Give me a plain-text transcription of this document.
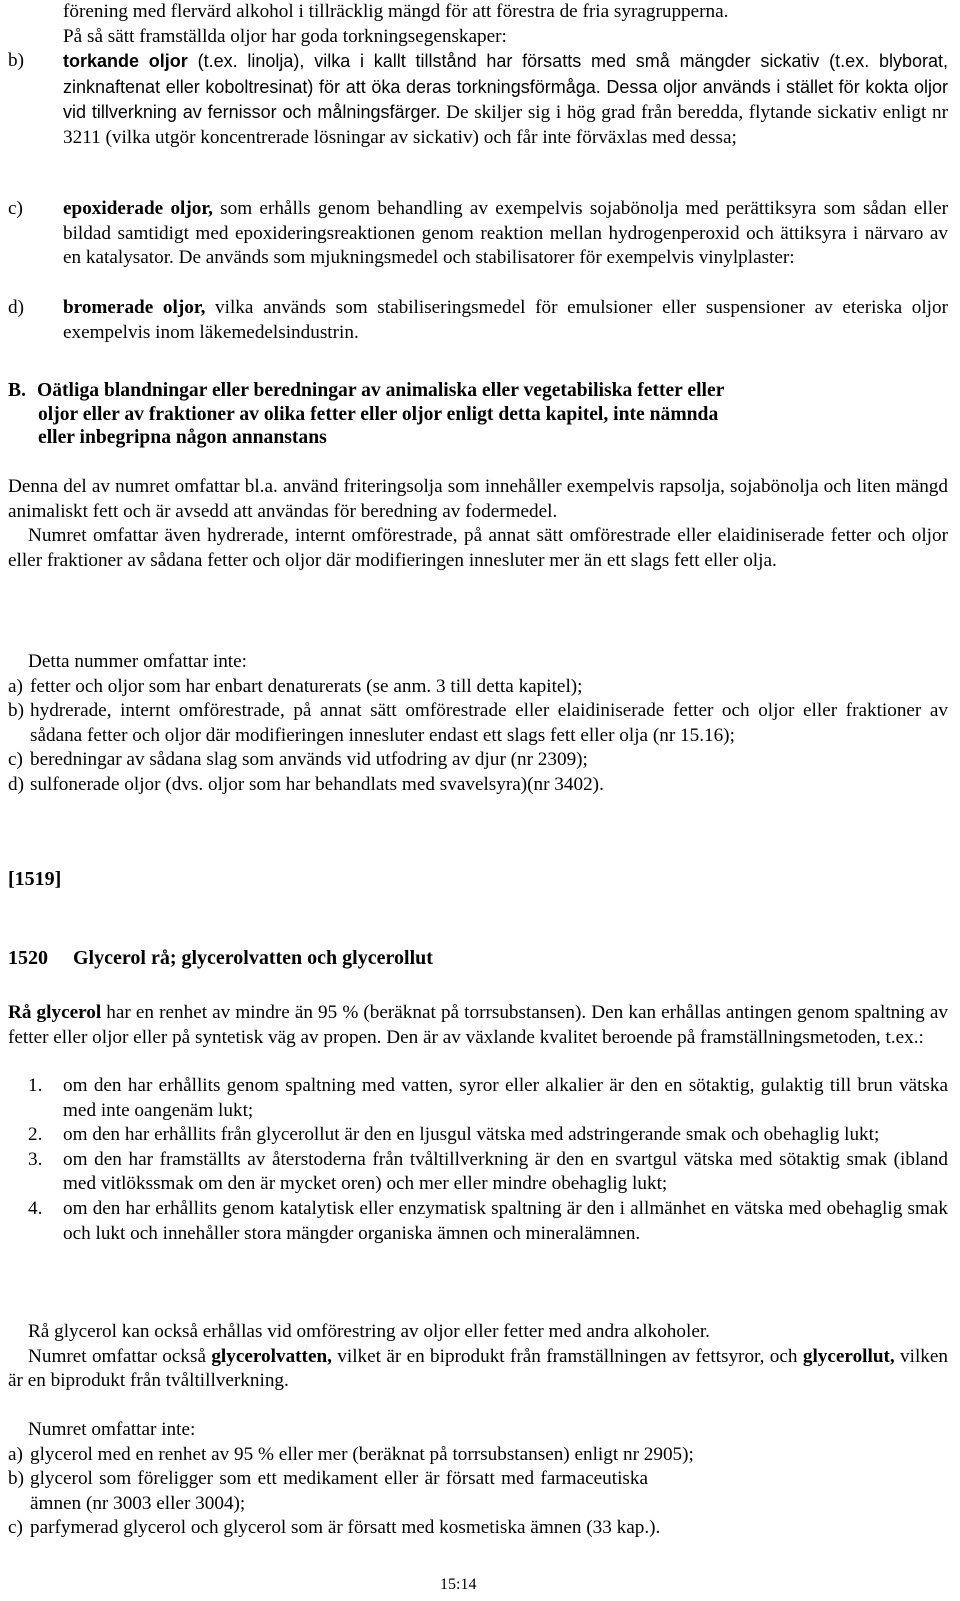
förening med flervärd alkohol i tillräcklig mängd för att förestra de fria syragrupperna.

På så sätt framställda oljor har goda torkningsegenskaper:

b)	torkande oljor (t.ex. linolja), vilka i kallt tillstånd har försatts med små mängder sickativ (t.ex. blyborat, zinknaftenat eller koboltresinat) för att öka deras torkningsförmåga. Dessa oljor används i stället för kokta oljor vid tillverkning av fernissor och målningsfärger. De skiljer sig i hög grad från beredda, flytande sickativ enligt nr 3211 (vilka utgör koncentrerade lösningar av sickativ) och får inte förväxlas med dessa;
c)	epoxiderade oljor, som erhålls genom behandling av exempelvis sojabönolja med perättiksyra som sådan eller bildad samtidigt med epoxideringsreaktionen genom reaktion mellan hydrogenperoxid och ättiksyra i närvaro av en katalysator. De används som mjukningsmedel och stabilisatorer för exempelvis vinylplaster:
d)	bromerade oljor, vilka används som stabiliseringsmedel för emulsioner eller suspensioner av eteriska oljor exempelvis inom läkemedelsindustrin.
B. Oätliga blandningar eller beredningar av animaliska eller vegetabiliska fetter eller
oljor eller av fraktioner av olika fetter eller oljor enligt detta kapitel, inte nämnda
eller inbegripna någon annanstans

Denna del av numret omfattar bl.a. använd friteringsolja som innehåller exempelvis rapsolja, sojabönolja och liten mängd animaliskt fett och är avsedd att användas för beredning av fodermedel.

Numret omfattar även hydrerade, internt omförestrade, på annat sätt omförestrade eller elaidiniserade fetter och oljor eller fraktioner av sådana fetter och oljor där modifieringen innesluter mer än ett slags fett eller olja.

Detta nummer omfattar inte:

a) fetter och oljor som har enbart denaturerats (se anm. 3 till detta kapitel);
b) hydrerade, internt omförestrade, på annat sätt omförestrade eller elaidiniserade fetter och oljor eller fraktioner av sådana fetter och oljor där modifieringen innesluter endast ett slags fett eller olja (nr 15.16);
c) beredningar av sådana slag som används vid utfodring av djur (nr 2309);
d) sulfonerade oljor (dvs. oljor som har behandlats med svavelsyra)(nr 3402).
[1519]
1520 Glycerol rå; glycerolvatten och glycerollut

Rå glycerol har en renhet av mindre än 95 % (beräknat på torrsubstansen). Den kan erhållas antingen genom spaltning av fetter eller oljor eller på syntetisk väg av propen. Den är av växlande kvalitet beroende på framställningsmetoden, t.ex.:

1.	om den har erhållits genom spaltning med vatten, syror eller alkalier är den en sötaktig, gulaktig till brun vätska med inte oangenäm lukt;
2.	om den har erhållits från glycerollut är den en ljusgul vätska med adstringerande smak och obehaglig lukt;
3.	om den har framställts av återstoderna från tvåltillverkning är den en svartgul vätska med sötaktig smak (ibland med vitlökssmak om den är mycket oren) och mer eller mindre obehaglig lukt;
4.	om den har erhållits genom katalytisk eller enzymatisk spaltning är den i allmänhet en vätska med obehaglig smak och lukt och innehåller stora mängder organiska ämnen och mineralämnen.

Rå glycerol kan också erhållas vid omförestring av oljor eller fetter med andra alkoholer.

Numret omfattar också glycerolvatten, vilket är en biprodukt från framställningen av fettsyror, och glycerollut, vilken är en biprodukt från tvåltillverkning.

Numret omfattar inte:

a) glycerol med en renhet av 95 % eller mer (beräknat på torrsubstansen) enligt nr 2905);
b) glycerol som föreligger som ett medikament eller är försatt med farmaceutiska ämnen (nr 3003 eller 3004);
c) parfymerad glycerol och glycerol som är försatt med kosmetiska ämnen (33 kap.).
15:14
